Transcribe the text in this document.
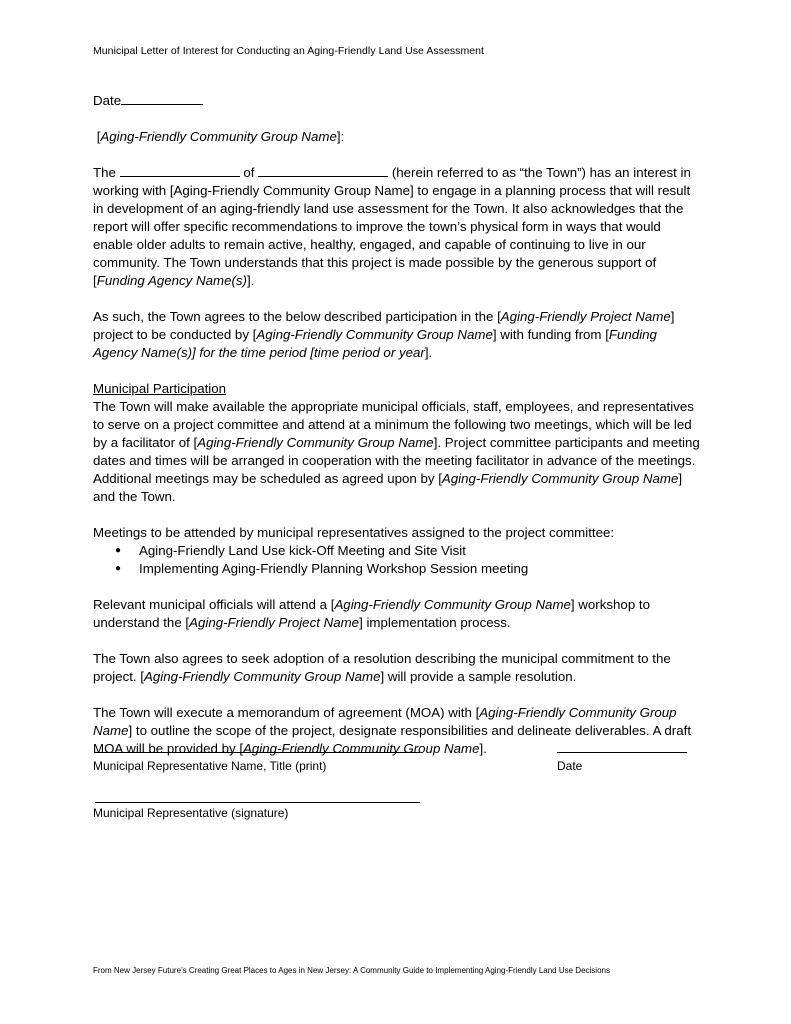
Municipal Letter of Interest for Conducting an Aging-Friendly Land Use Assessment

Date

[Aging-Friendly Community Group Name]:

The	of	(herein referred to as “the Town”) has an interest in working with [Aging-Friendly Community Group Name] to engage in a planning process that will result in development of an aging-friendly land use assessment for the Town. It also acknowledges that the report will offer specific recommendations to improve the town’s physical form in ways that would enable older adults to remain active, healthy, engaged, and capable of continuing to live in our community. The Town understands that this project is made possible by the generous support of [Funding Agency Name(s)].

As such, the Town agrees to the below described participation in the [Aging-Friendly Project Name] project to be conducted by [Aging-Friendly Community Group Name] with funding from [Funding Agency Name(s)] for the time period [time period or year].

Municipal Participation

The Town will make available the appropriate municipal officials, staff, employees, and representatives to serve on a project committee and attend at a minimum the following two meetings, which will be led by a facilitator of [Aging-Friendly Community Group Name]. Project committee participants and meeting dates and times will be arranged in cooperation with the meeting facilitator in advance of the meetings. Additional meetings may be scheduled as agreed upon by [Aging-Friendly Community Group Name] and the Town.

Meetings to be attended by municipal representatives assigned to the project committee:
● Aging-Friendly Land Use kick-Off Meeting and Site Visit
● Implementing Aging-Friendly Planning Workshop Session meeting

Relevant municipal officials will attend a [Aging-Friendly Community Group Name] workshop to understand the [Aging-Friendly Project Name] implementation process.

The Town also agrees to seek adoption of a resolution describing the municipal commitment to the project. [Aging-Friendly Community Group Name] will provide a sample resolution.

The Town will execute a memorandum of agreement (MOA) with [Aging-Friendly Community Group Name] to outline the scope of the project, designate responsibilities and delineate deliverables. A draft MOA will be provided by [Aging-Friendly Community Group Name].

Municipal Representative Name, Title (print)	Date
Municipal Representative (signature)
From New Jersey Future’s Creating Great Places to Ages in New Jersey: A Community Guide to Implementing Aging-Friendly Land Use Decisions
